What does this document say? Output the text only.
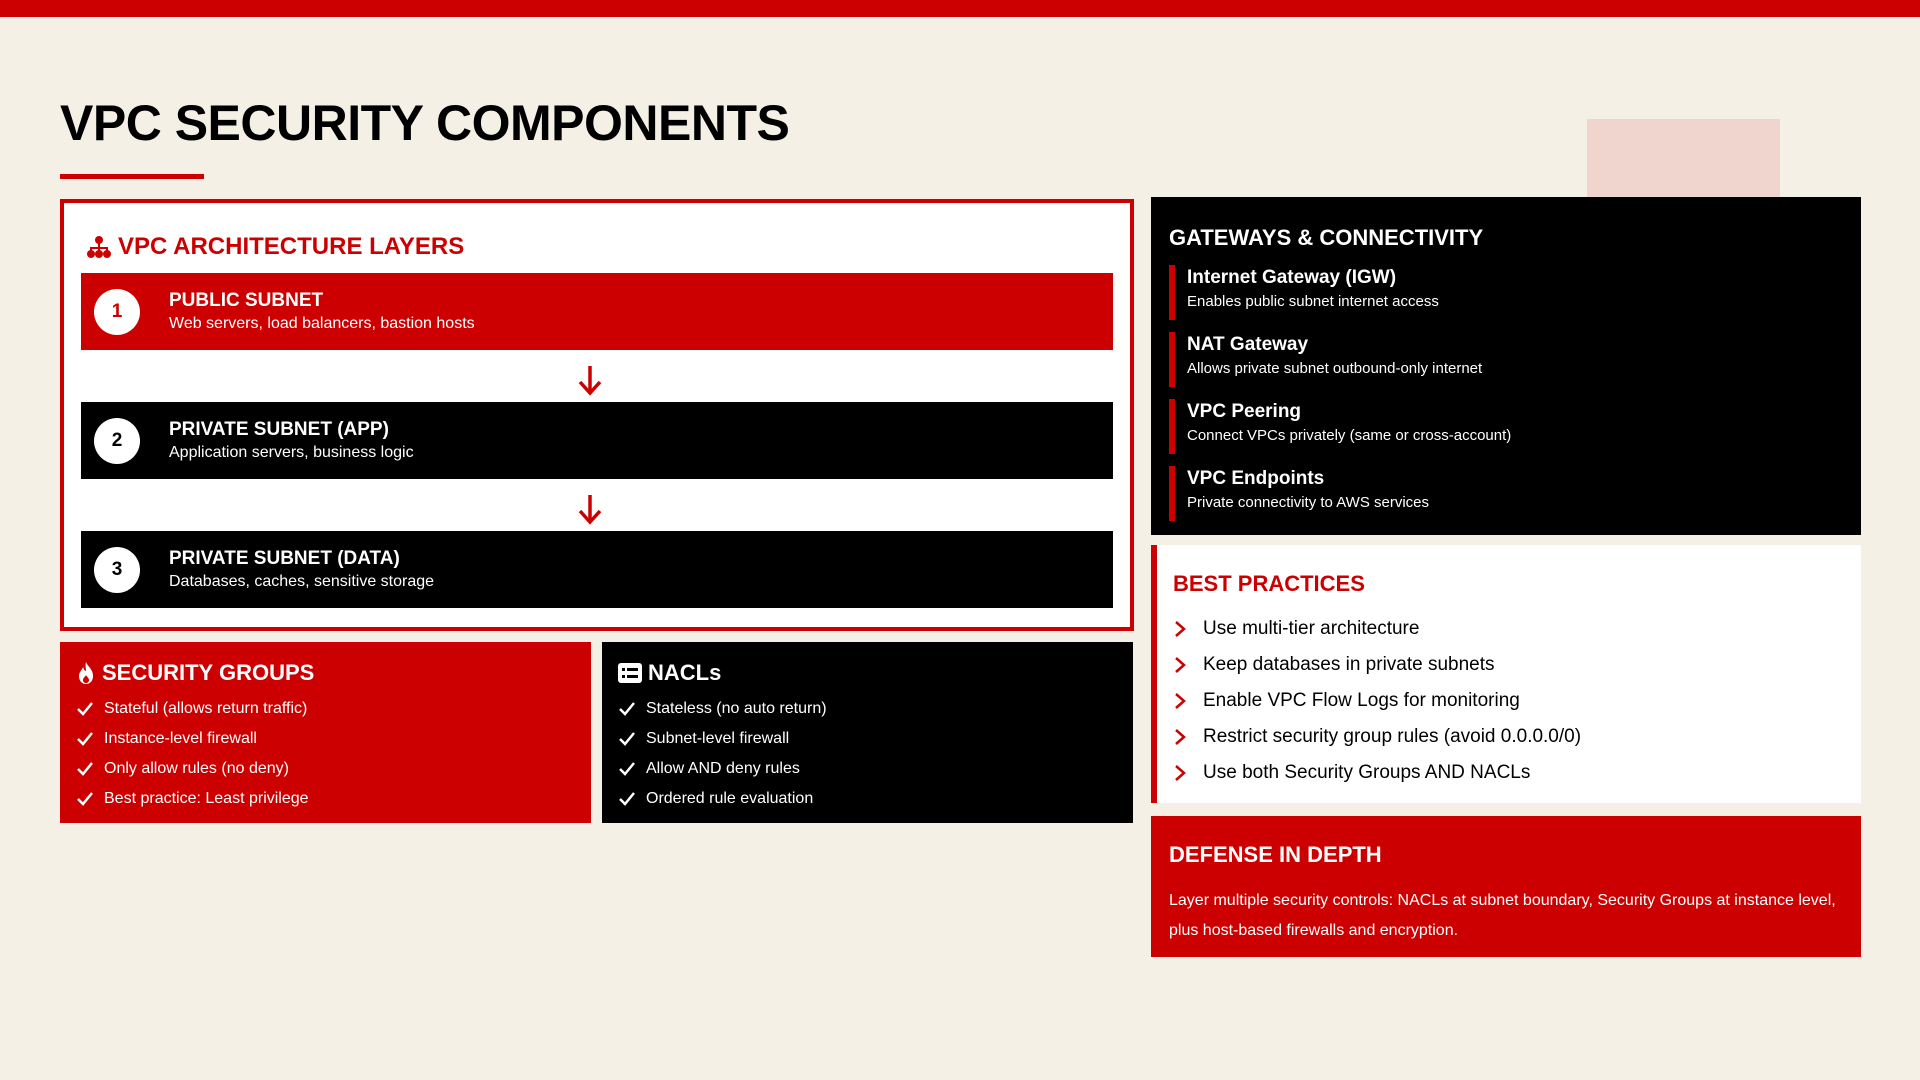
VPC SECURITY COMPONENTS
VPC ARCHITECTURE LAYERS
1	PUBLIC SUBNET
Web servers, load balancers, bastion hosts
2	PRIVATE SUBNET (APP)
Application servers, business logic
3	PRIVATE SUBNET (DATA)
Databases, caches, sensitive storage
SECURITY GROUPS
Stateful (allows return traffic)
Instance-level firewall
Only allow rules (no deny)
Best practice: Least privilege
NACLs
Stateless (no auto return)
Subnet-level firewall
Allow AND deny rules
Ordered rule evaluation
GATEWAYS & CONNECTIVITY
Internet Gateway (IGW)
Enables public subnet internet access
NAT Gateway
Allows private subnet outbound-only internet
VPC Peering
Connect VPCs privately (same or cross-account)
VPC Endpoints
Private connectivity to AWS services
BEST PRACTICES
Use multi-tier architecture
Keep databases in private subnets
Enable VPC Flow Logs for monitoring
Restrict security group rules (avoid 0.0.0.0/0)
Use both Security Groups AND NACLs
DEFENSE IN DEPTH
Layer multiple security controls: NACLs at subnet boundary, Security Groups at instance level, plus host-based firewalls and encryption.
